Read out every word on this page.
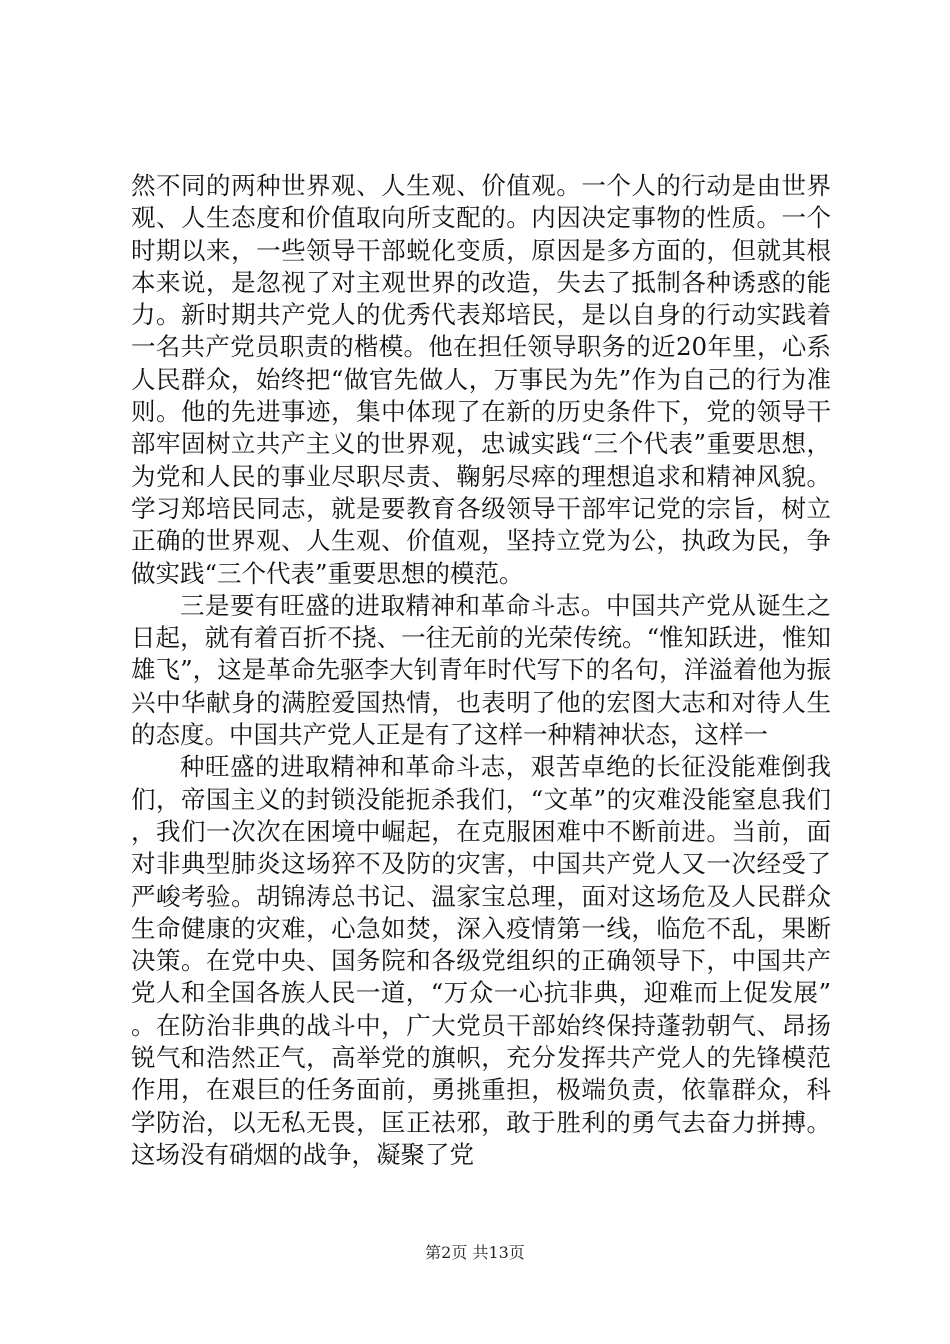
然不同的两种世界观、人生观、价值观。一个人的行动是由世界观、人生态度和价值取向所支配的。内因决定事物的性质。一个时期以来，一些领导干部蜕化变质，原因是多方面的，但就其根本来说，是忽视了对主观世界的改造，失去了抵制各种诱惑的能力。新时期共产党人的优秀代表郑培民，是以自身的行动实践着一名共产党员职责的楷模。他在担任领导职务的近20年里，心系人民群众，始终把“做官先做人，万事民为先”作为自己的行为准则。他的先进事迹，集中体现了在新的历史条件下，党的领导干部牢固树立共产主义的世界观，忠诚实践“三个代表”重要思想，为党和人民的事业尽职尽责、鞠躬尽瘁的理想追求和精神风貌。学习郑培民同志，就是要教育各级领导干部牢记党的宗旨，树立正确的世界观、人生观、价值观，坚持立党为公，执政为民，争做实践“三个代表”重要思想的模范。

三是要有旺盛的进取精神和革命斗志。中国共产党从诞生之日起，就有着百折不挠、一往无前的光荣传统。“惟知跃进，惟知雄飞”，这是革命先驱李大钊青年时代写下的名句，洋溢着他为振兴中华献身的满腔爱国热情，也表明了他的宏图大志和对待人生的态度。中国共产党人正是有了这样一种精神状态，这样一

种旺盛的进取精神和革命斗志，艰苦卓绝的长征没能难倒我们，帝国主义的封锁没能扼杀我们，“文革”的灾难没能窒息我们，我们一次次在困境中崛起，在克服困难中不断前进。当前，面对非典型肺炎这场猝不及防的灾害，中国共产党人又一次经受了严峻考验。胡锦涛总书记、温家宝总理，面对这场危及人民群众生命健康的灾难，心急如焚，深入疫情第一线，临危不乱，果断决策。在党中央、国务院和各级党组织的正确领导下，中国共产党人和全国各族人民一道，“万众一心抗非典，迎难而上促发展”。在防治非典的战斗中，广大党员干部始终保持蓬勃朝气、昂扬锐气和浩然正气，高举党的旗帜，充分发挥共产党人的先锋模范作用，在艰巨的任务面前，勇挑重担，极端负责，依靠群众，科学防治，以无私无畏，匡正祛邪，敢于胜利的勇气去奋力拼搏。这场没有硝烟的战争，凝聚了党

第2页 共13页
